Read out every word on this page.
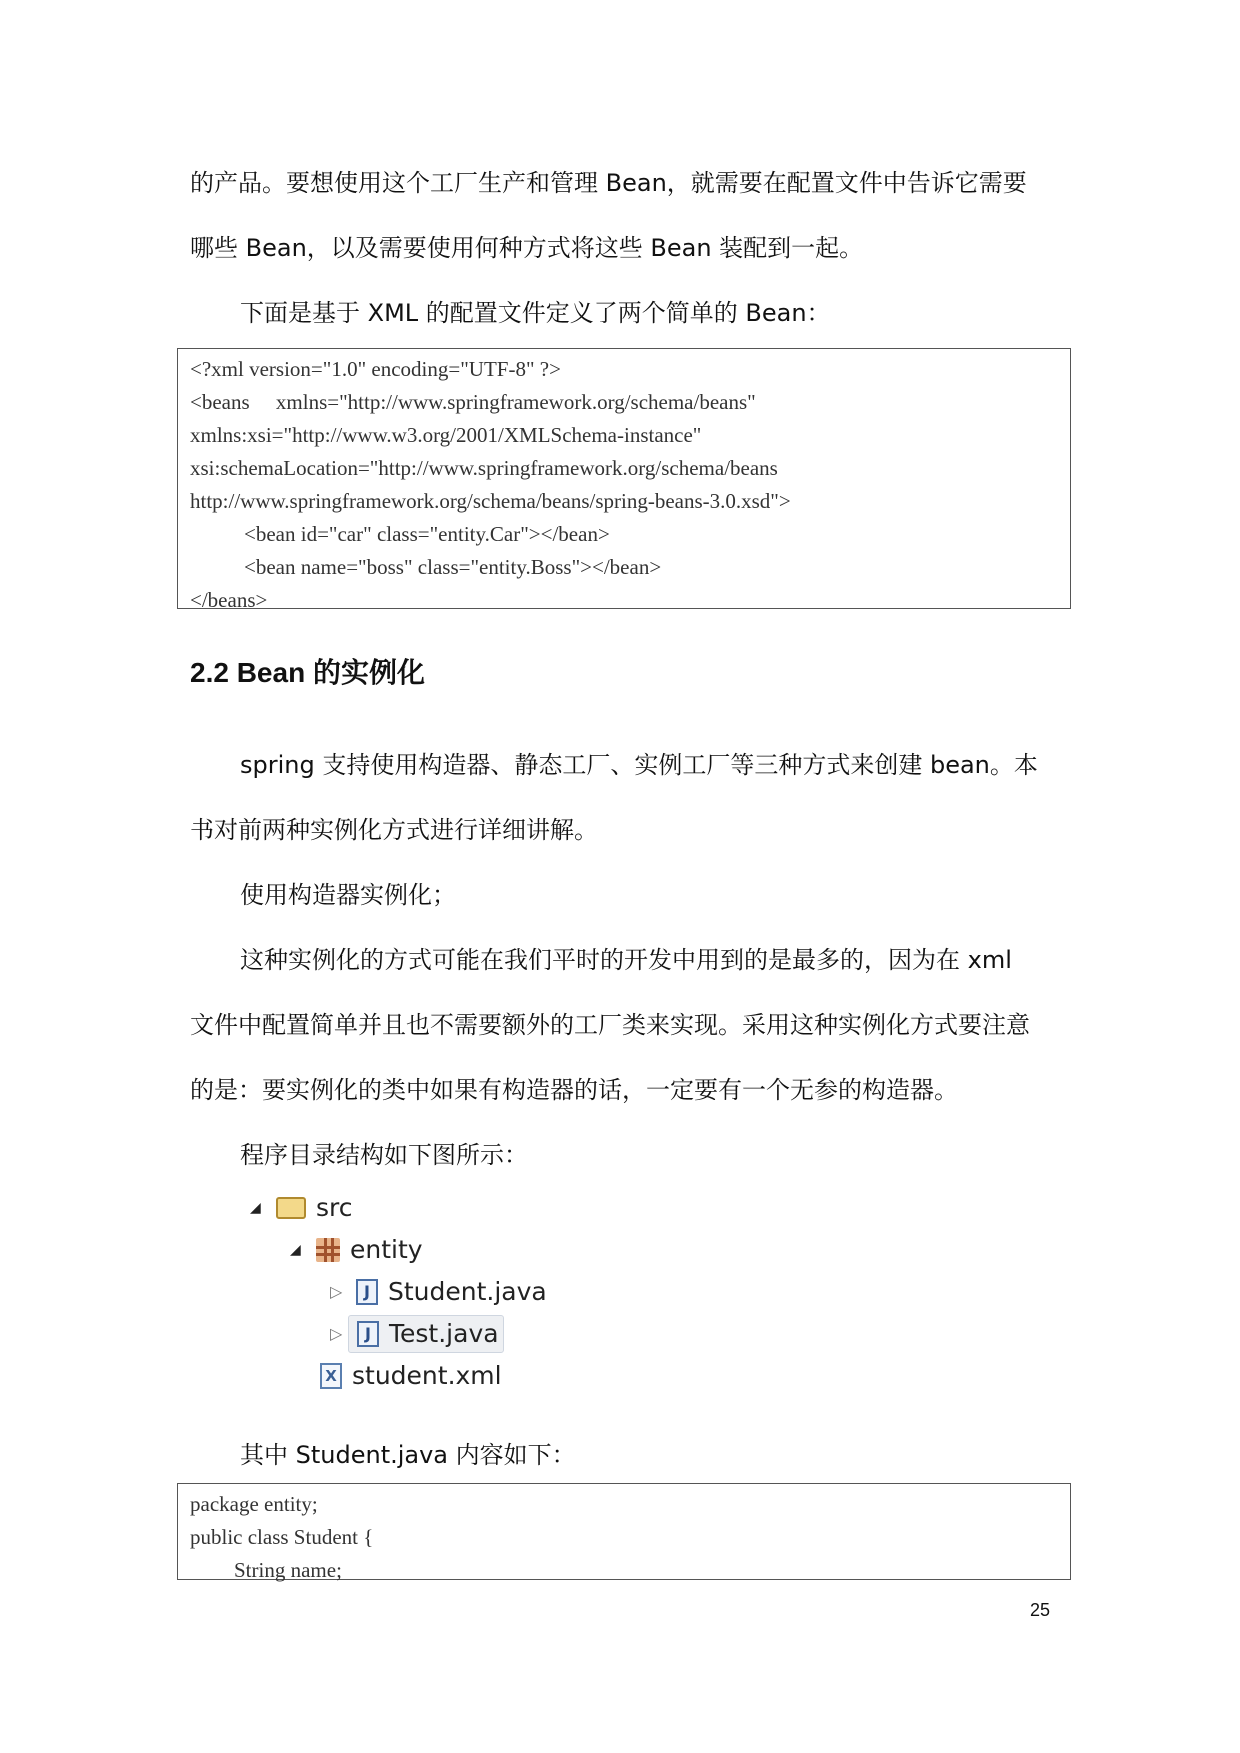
的产品。要想使用这个工厂生产和管理 Bean，就需要在配置文件中告诉它需要

哪些 Bean，以及需要使用何种方式将这些 Bean 装配到一起。

下面是基于 XML 的配置文件定义了两个简单的 Bean：

<?xml version="1.0" encoding="UTF-8" ?>
<beans     xmlns="http://www.springframework.org/schema/beans"
xmlns:xsi="http://www.w3.org/2001/XMLSchema-instance"
xsi:schemaLocation="http://www.springframework.org/schema/beans
http://www.springframework.org/schema/beans/spring-beans-3.0.xsd">
<bean id="car" class="entity.Car"></bean>
<bean name="boss" class="entity.Boss"></bean>
</beans>
2.2 Bean 的实例化

spring 支持使用构造器、静态工厂、实例工厂等三种方式来创建 bean。本

书对前两种实例化方式进行详细讲解。

使用构造器实例化；

这种实例化的方式可能在我们平时的开发中用到的是最多的，因为在 xml

文件中配置简单并且也不需要额外的工厂类来实现。采用这种实例化方式要注意

的是：要实例化的类中如果有构造器的话，一定要有一个无参的构造器。

程序目录结构如下图所示：

◢ src
◢ entity
▷	J Student.java
▷	J Test.java
X student.xml

其中 Student.java 内容如下：

package entity;
public class Student {
String name;
25
